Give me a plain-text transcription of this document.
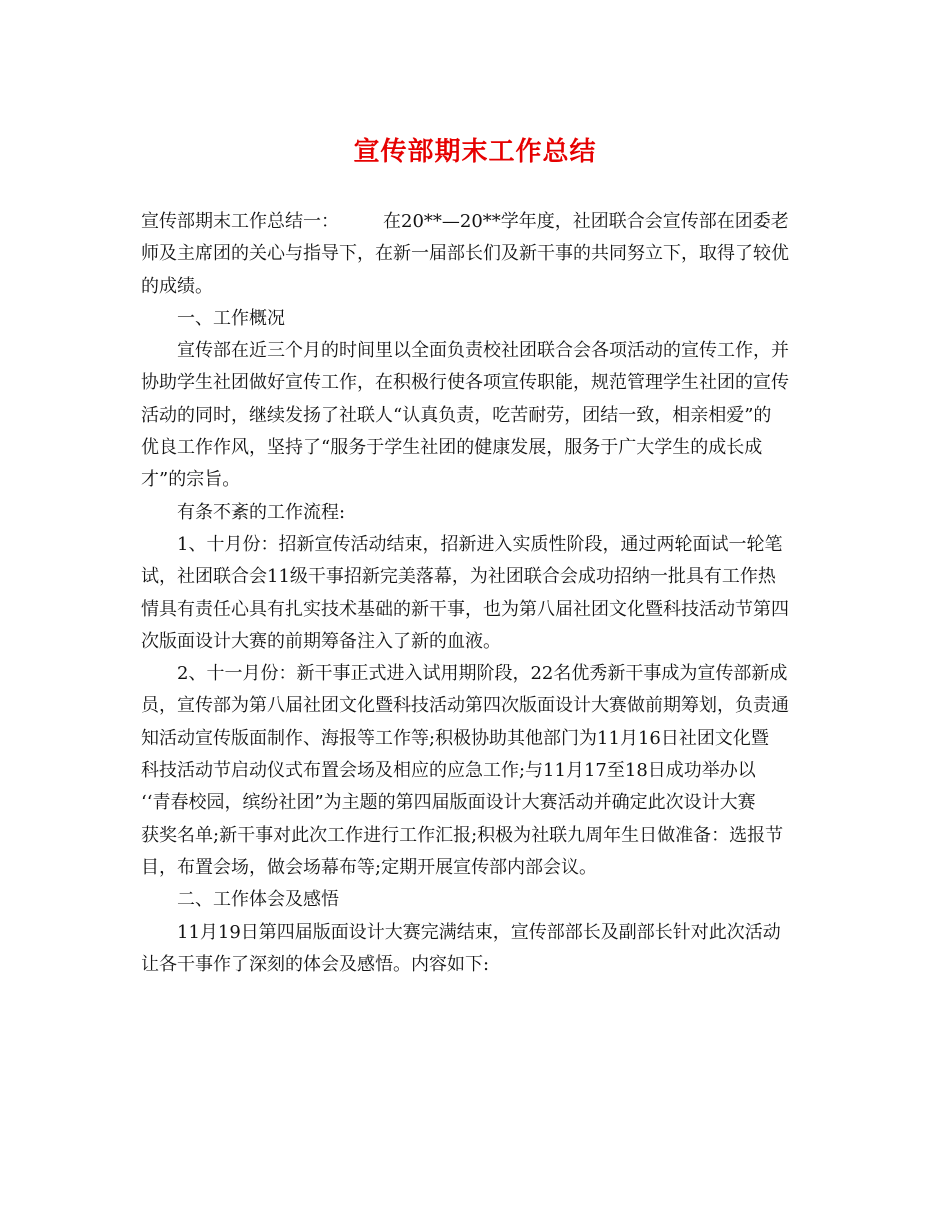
宣传部期末工作总结
宣传部期末工作总结一： 在20**—20**学年度，社团联合会宣传部在团委老
师及主席团的关心与指导下，在新一届部长们及新干事的共同努立下，取得了较优
的成绩。
一、工作概况
宣传部在近三个月的时间里以全面负责校社团联合会各项活动的宣传工作，并
协助学生社团做好宣传工作，在积极行使各项宣传职能，规范管理学生社团的宣传
活动的同时，继续发扬了社联人“认真负责，吃苦耐劳，团结一致，相亲相爱”的
优良工作作风，坚持了“服务于学生社团的健康发展，服务于广大学生的成长成
才”的宗旨。
有条不紊的工作流程:
1、十月份：招新宣传活动结束，招新进入实质性阶段，通过两轮面试一轮笔
试，社团联合会11级干事招新完美落幕，为社团联合会成功招纳一批具有工作热
情具有责任心具有扎实技术基础的新干事，也为第八届社团文化暨科技活动节第四
次版面设计大赛的前期筹备注入了新的血液。
2、十一月份：新干事正式进入试用期阶段，22名优秀新干事成为宣传部新成
员，宣传部为第八届社团文化暨科技活动第四次版面设计大赛做前期筹划，负责通
知活动宣传版面制作、海报等工作等;积极协助其他部门为11月16日社团文化暨
科技活动节启动仪式布置会场及相应的应急工作;与11月17至18日成功举办以
‘‘青春校园，缤纷社团”为主题的第四届版面设计大赛活动并确定此次设计大赛
获奖名单;新干事对此次工作进行工作汇报;积极为社联九周年生日做准备：选报节
目，布置会场，做会场幕布等;定期开展宣传部内部会议。
二、工作体会及感悟
11月19日第四届版面设计大赛完满结束，宣传部部长及副部长针对此次活动
让各干事作了深刻的体会及感悟。内容如下:
